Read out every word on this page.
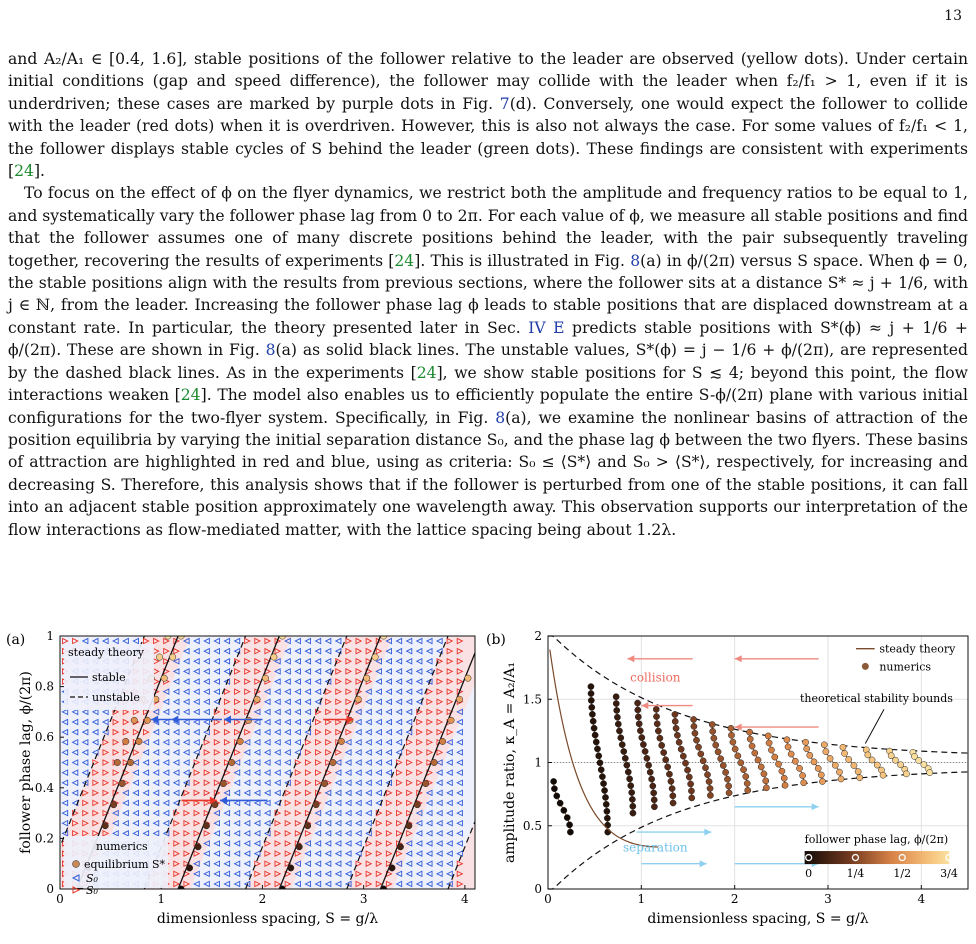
13

and A₂/A₁ ∈ [0.4, 1.6], stable positions of the follower relative to the leader are observed (yellow dots). Under certain initial conditions (gap and speed difference), the follower may collide with the leader when f₂/f₁ > 1, even if it is underdriven; these cases are marked by purple dots in Fig. 7(d). Conversely, one would expect the follower to collide with the leader (red dots) when it is overdriven. However, this is also not always the case. For some values of f₂/f₁ < 1, the follower displays stable cycles of S behind the leader (green dots). These findings are consistent with experiments [24].

To focus on the effect of ϕ on the flyer dynamics, we restrict both the amplitude and frequency ratios to be equal to 1, and systematically vary the follower phase lag from 0 to 2π. For each value of ϕ, we measure all stable positions and find that the follower assumes one of many discrete positions behind the leader, with the pair subsequently traveling together, recovering the results of experiments [24]. This is illustrated in Fig. 8(a) in ϕ/(2π) versus S space. When ϕ = 0, the stable positions align with the results from previous sections, where the follower sits at a distance S* ≈ j + 1/6, with j ∈ ℕ, from the leader. Increasing the follower phase lag ϕ leads to stable positions that are displaced downstream at a constant rate. In particular, the theory presented later in Sec. IV E predicts stable positions with S*(ϕ) ≈ j + 1/6 + ϕ/(2π). These are shown in Fig. 8(a) as solid black lines. The unstable values, S*(ϕ) = j − 1/6 + ϕ/(2π), are represented by the dashed black lines. As in the experiments [24], we show stable positions for S ≲ 4; beyond this point, the flow interactions weaken [24]. The model also enables us to efficiently populate the entire S-ϕ/(2π) plane with various initial configurations for the two-flyer system. Specifically, in Fig. 8(a), we examine the nonlinear basins of attraction of the position equilibria by varying the initial separation distance S₀, and the phase lag ϕ between the two flyers. These basins of attraction are highlighted in red and blue, using as criteria: S₀ ≤ ⟨S*⟩ and S₀ > ⟨S*⟩, respectively, for increasing and decreasing S. Therefore, this analysis shows that if the follower is perturbed from one of the stable positions, it can fall into an adjacent stable position approximately one wavelength away. This observation supports our interpretation of the flow interactions as flow-mediated matter, with the lattice spacing being about 1.2λ.

0	1	2	3	4
0
0.2
0.4
0.6
0.8
1
(a)
dimensionless spacing, S = g/λ
follower phase lag, ϕ/(2π)
steady theory
stable
unstable
numerics
equilibrium S*
S₀
S₀
collision
separation
theoretical stability bounds
0	1	2	3	4
0
0.5
1
1.5
2
(b)
dimensionless spacing, S = g/λ
amplitude ratio, κ_A = A₂/A₁
steady theory
numerics
follower phase lag, ϕ/(2π)
0	1/4	1/2	3/4
